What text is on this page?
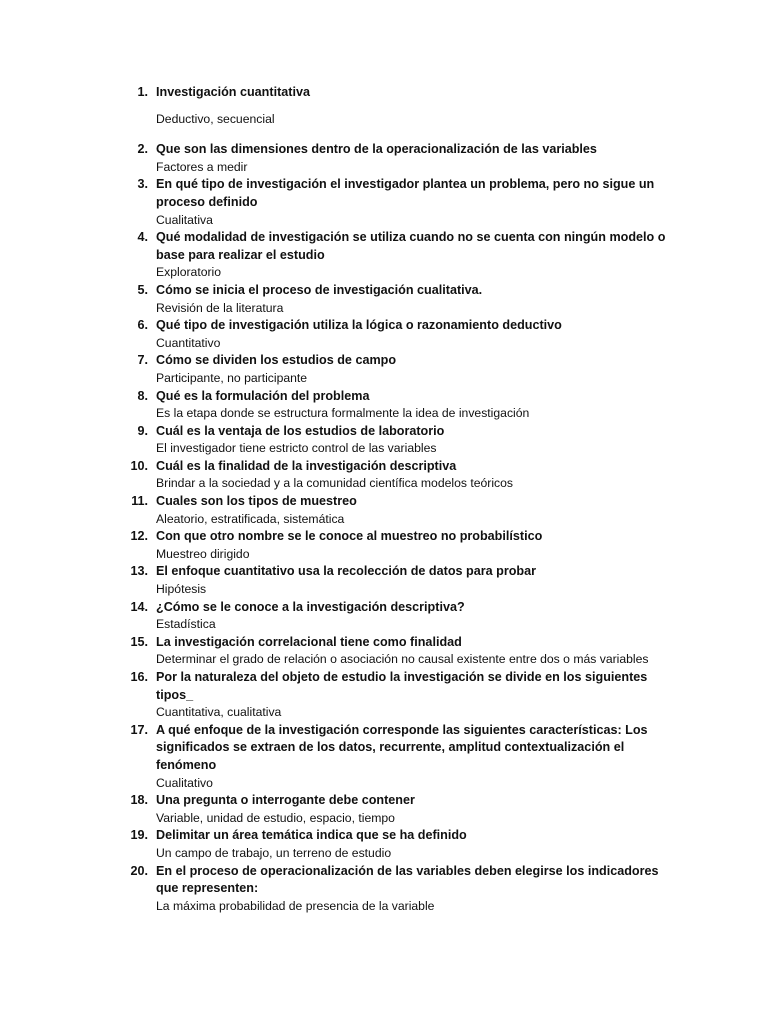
1. Investigación cuantitativa
Deductivo, secuencial
2. Que son las dimensiones dentro de la operacionalización de las variables
Factores a medir
3. En qué tipo de investigación el investigador plantea un problema, pero no sigue un proceso definido
Cualitativa
4. Qué modalidad de investigación se utiliza cuando no se cuenta con ningún modelo o base para realizar el estudio
Exploratorio
5. Cómo se inicia el proceso de investigación cualitativa.
Revisión de la literatura
6. Qué tipo de investigación utiliza la lógica o razonamiento deductivo
Cuantitativo
7. Cómo se dividen los estudios de campo
Participante, no participante
8. Qué es la formulación del problema
Es la etapa donde se estructura formalmente la idea de investigación
9. Cuál es la ventaja de los estudios de laboratorio
El investigador tiene estricto control de las variables
10. Cuál es la finalidad de la investigación descriptiva
Brindar a la sociedad y a la comunidad científica modelos teóricos
11. Cuales son los tipos de muestreo
Aleatorio, estratificada, sistemática
12. Con que otro nombre se le conoce al muestreo no probabilístico
Muestreo dirigido
13. El enfoque cuantitativo usa la recolección de datos para probar
Hipótesis
14. ¿Cómo se le conoce a la investigación descriptiva?
Estadística
15. La investigación correlacional tiene como finalidad
Determinar el grado de relación o asociación no causal existente entre dos o más variables
16. Por la naturaleza del objeto de estudio la investigación se divide en los siguientes tipos_
Cuantitativa, cualitativa
17. A qué enfoque de la investigación corresponde las siguientes características: Los significados se extraen de los datos, recurrente, amplitud contextualización el fenómeno
Cualitativo
18. Una pregunta o interrogante debe contener
Variable, unidad de estudio, espacio, tiempo
19. Delimitar un área temática indica que se ha definido
Un campo de trabajo, un terreno de estudio
20. En el proceso de operacionalización de las variables deben elegirse los indicadores que representen:
La máxima probabilidad de presencia de la variable
